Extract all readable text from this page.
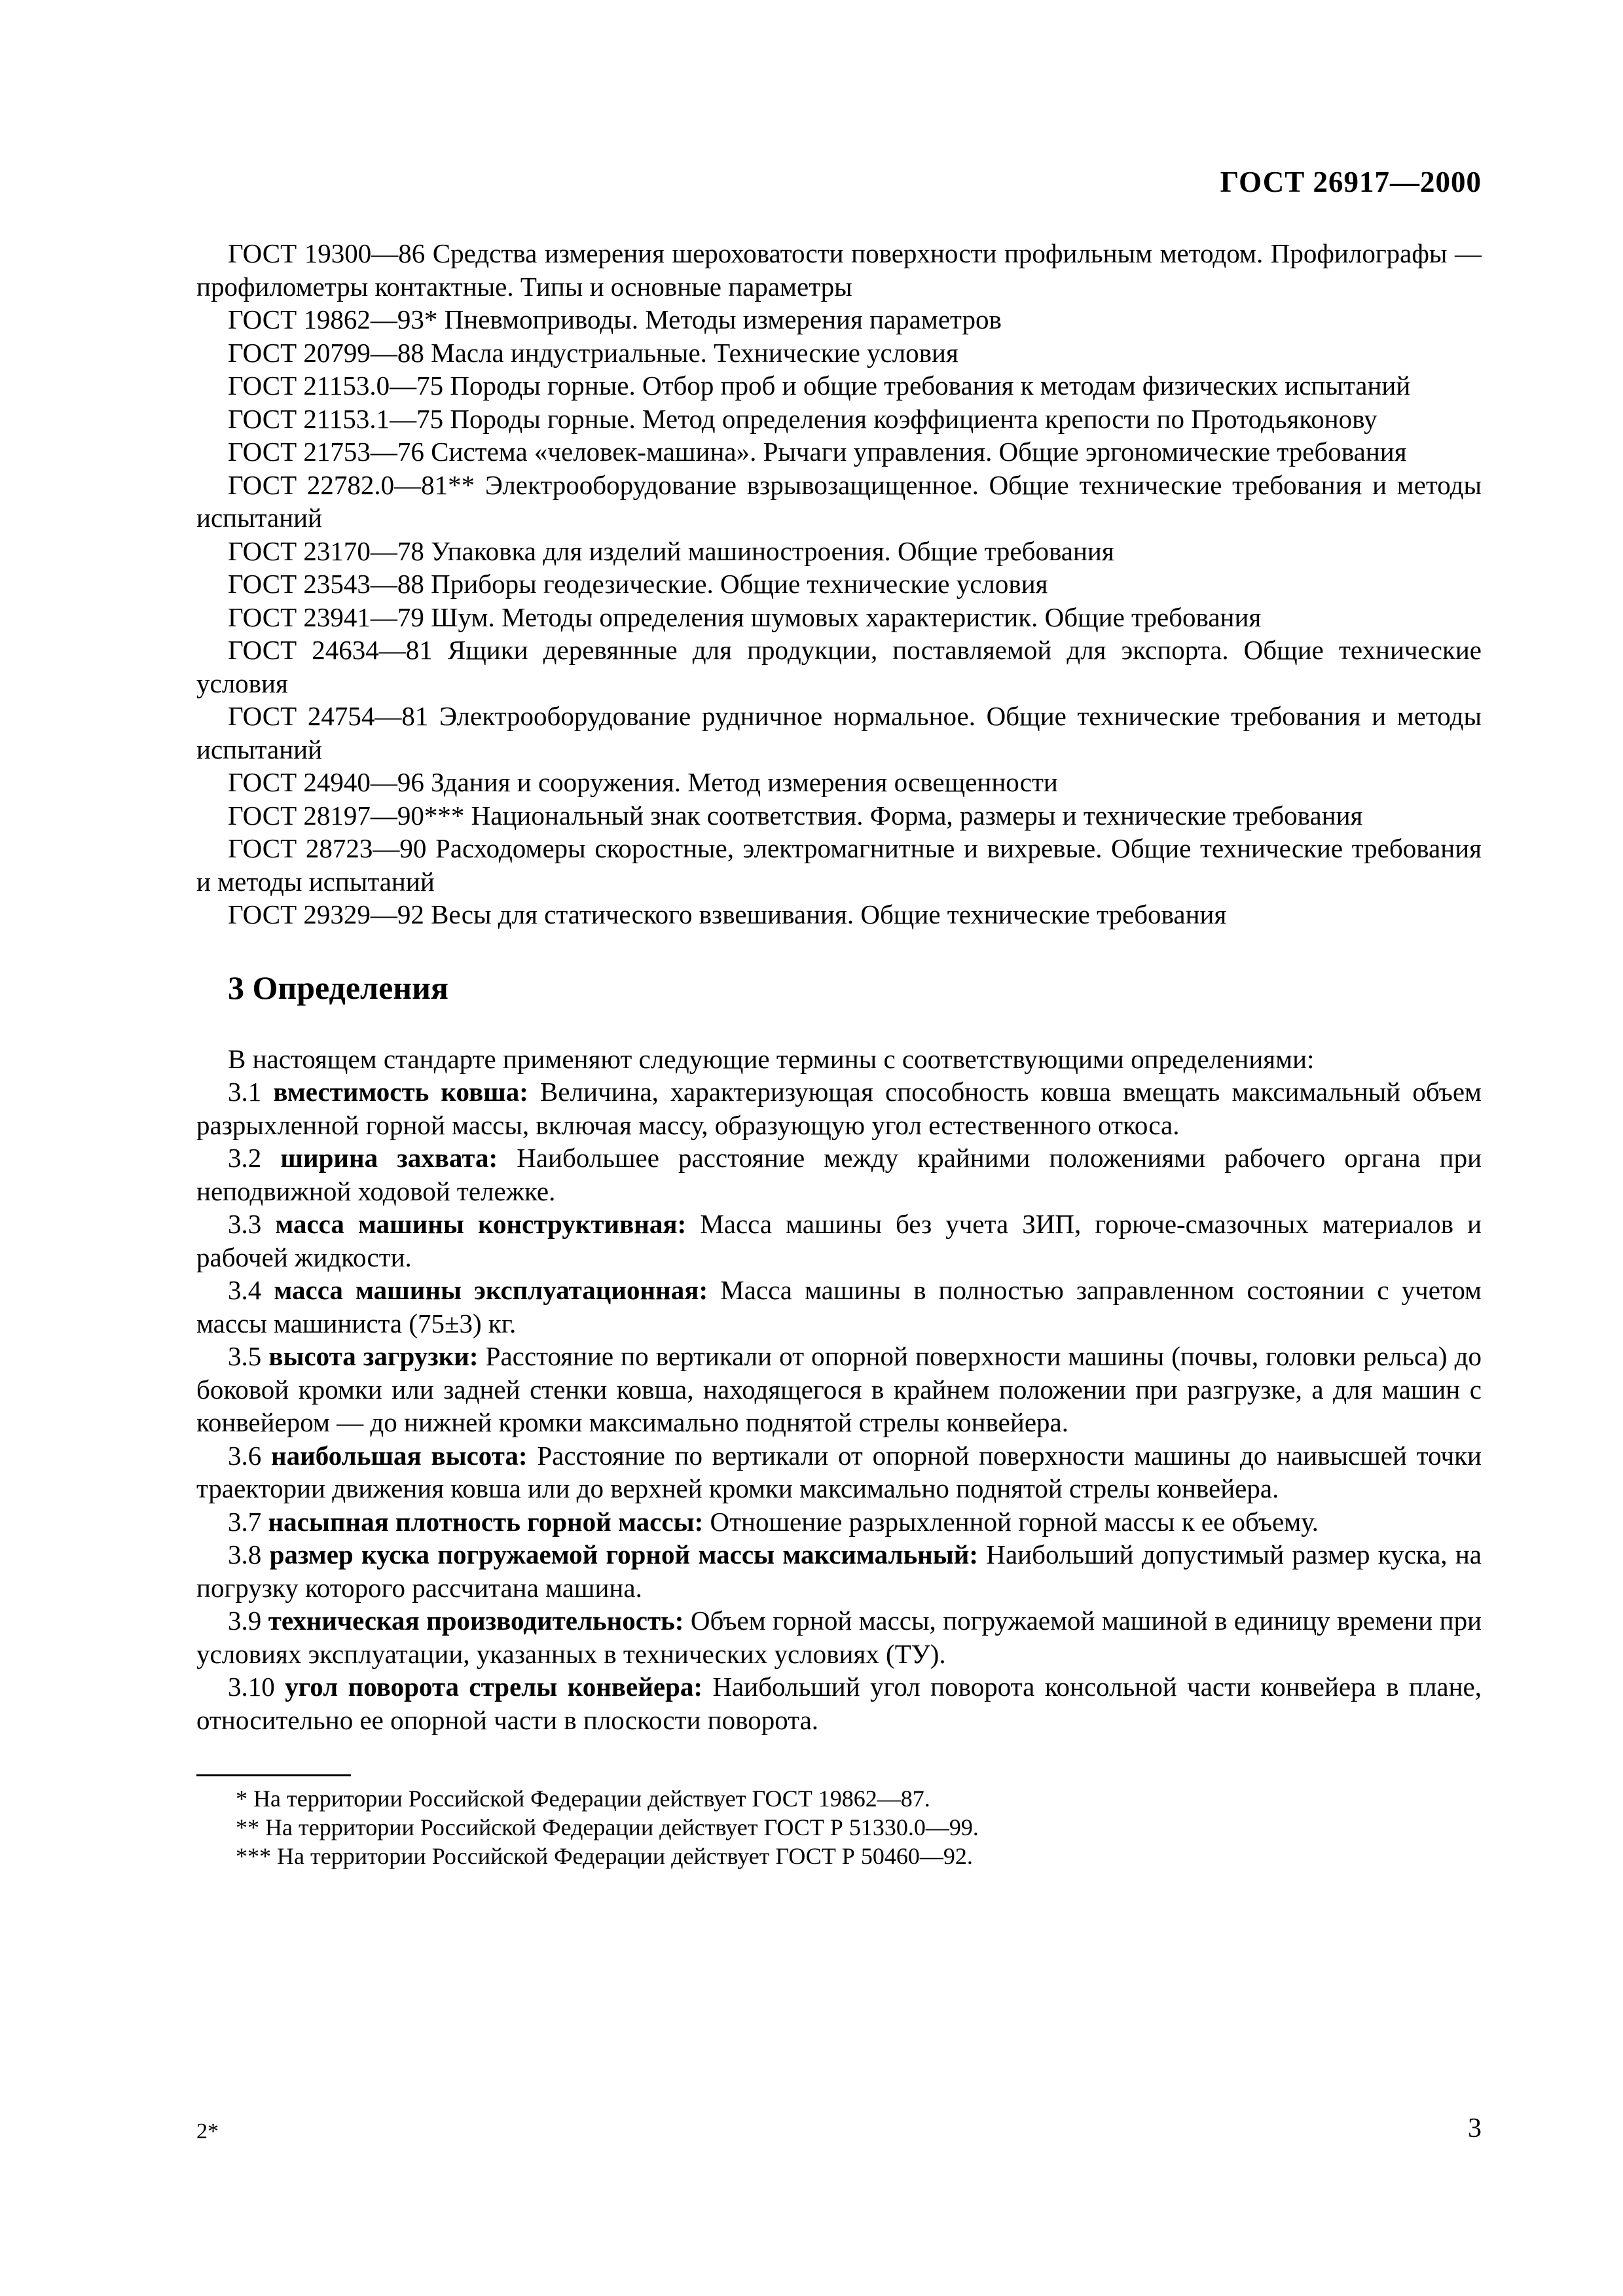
ГОСТ 26917—2000

ГОСТ 19300—86 Средства измерения шероховатости поверхности профильным методом. Профилографы — профилометры контактные. Типы и основные параметры

ГОСТ 19862—93* Пневмоприводы. Методы измерения параметров

ГОСТ 20799—88 Масла индустриальные. Технические условия

ГОСТ 21153.0—75 Породы горные. Отбор проб и общие требования к методам физических испытаний

ГОСТ 21153.1—75 Породы горные. Метод определения коэффициента крепости по Протодьяконову

ГОСТ 21753—76 Система «человек-машина». Рычаги управления. Общие эргономические требования

ГОСТ 22782.0—81** Электрооборудование взрывозащищенное. Общие технические требования и методы испытаний

ГОСТ 23170—78 Упаковка для изделий машиностроения. Общие требования

ГОСТ 23543—88 Приборы геодезические. Общие технические условия

ГОСТ 23941—79 Шум. Методы определения шумовых характеристик. Общие требования

ГОСТ 24634—81 Ящики деревянные для продукции, поставляемой для экспорта. Общие технические условия

ГОСТ 24754—81 Электрооборудование рудничное нормальное. Общие технические требования и методы испытаний

ГОСТ 24940—96 Здания и сооружения. Метод измерения освещенности

ГОСТ 28197—90*** Национальный знак соответствия. Форма, размеры и технические требования

ГОСТ 28723—90 Расходомеры скоростные, электромагнитные и вихревые. Общие технические требования и методы испытаний

ГОСТ 29329—92 Весы для статического взвешивания. Общие технические требования

3 Определения

В настоящем стандарте применяют следующие термины с соответствующими определениями:

3.1 вместимость ковша: Величина, характеризующая способность ковша вмещать максимальный объем разрыхленной горной массы, включая массу, образующую угол естественного откоса.

3.2 ширина захвата: Наибольшее расстояние между крайними положениями рабочего органа при неподвижной ходовой тележке.

3.3 масса машины конструктивная: Масса машины без учета ЗИП, горюче-смазочных материалов и рабочей жидкости.

3.4 масса машины эксплуатационная: Масса машины в полностью заправленном состоянии с учетом массы машиниста (75±3) кг.

3.5 высота загрузки: Расстояние по вертикали от опорной поверхности машины (почвы, головки рельса) до боковой кромки или задней стенки ковша, находящегося в крайнем положении при разгрузке, а для машин с конвейером — до нижней кромки максимально поднятой стрелы конвейера.

3.6 наибольшая высота: Расстояние по вертикали от опорной поверхности машины до наивысшей точки траектории движения ковша или до верхней кромки максимально поднятой стрелы конвейера.

3.7 насыпная плотность горной массы: Отношение разрыхленной горной массы к ее объему.

3.8 размер куска погружаемой горной массы максимальный: Наибольший допустимый размер куска, на погрузку которого рассчитана машина.

3.9 техническая производительность: Объем горной массы, погружаемой машиной в единицу времени при условиях эксплуатации, указанных в технических условиях (ТУ).

3.10 угол поворота стрелы конвейера: Наибольший угол поворота консольной части конвейера в плане, относительно ее опорной части в плоскости поворота.

* На территории Российской Федерации действует ГОСТ 19862—87.

** На территории Российской Федерации действует ГОСТ Р 51330.0—99.

*** На территории Российской Федерации действует ГОСТ Р 50460—92.

2*	3
